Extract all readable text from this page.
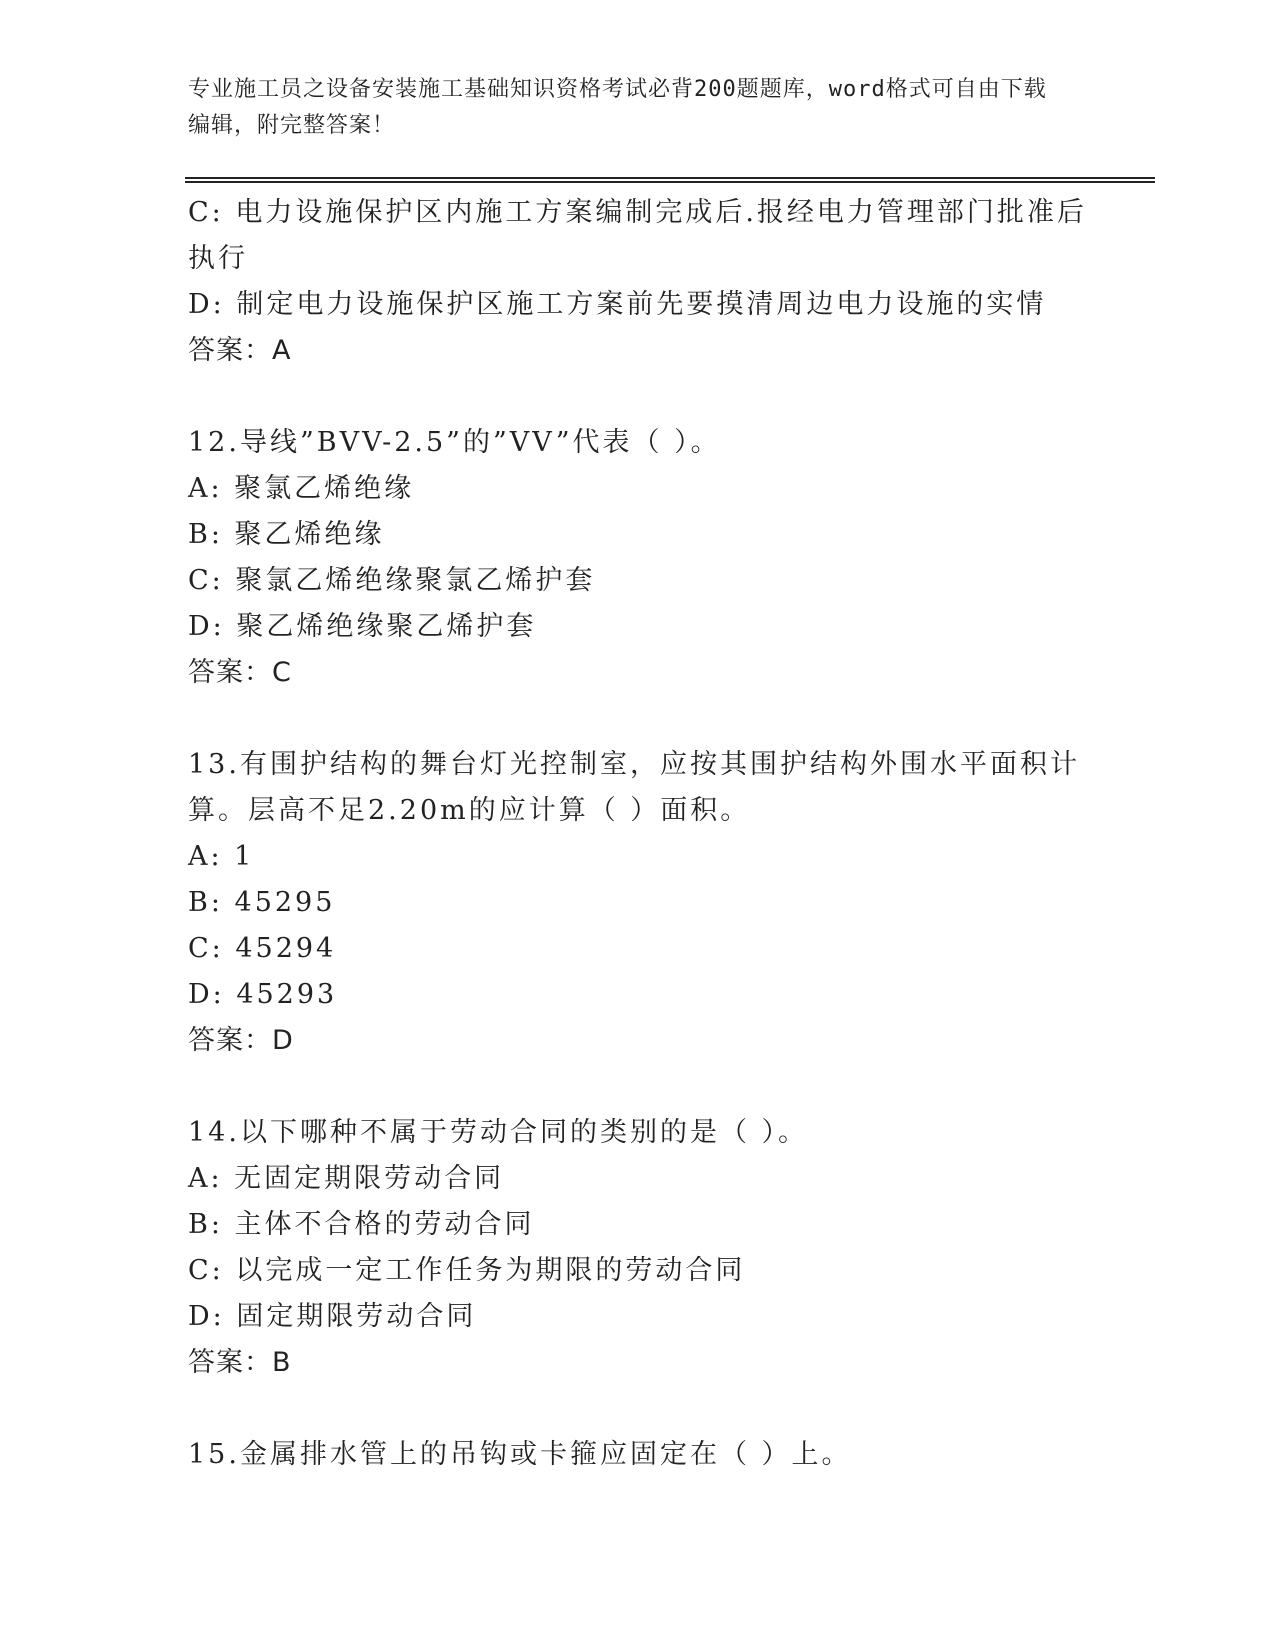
专业施工员之设备安装施工基础知识资格考试必背200题题库，word格式可自由下载编辑，附完整答案！
C: 电力设施保护区内施工方案编制完成后.报经电力管理部门批准后执行
D: 制定电力设施保护区施工方案前先要摸清周边电力设施的实情
答案：A
12.导线”BVV-2.5”的”VV”代表（ ）。
A: 聚氯乙烯绝缘
B: 聚乙烯绝缘
C: 聚氯乙烯绝缘聚氯乙烯护套
D: 聚乙烯绝缘聚乙烯护套
答案：C
13.有围护结构的舞台灯光控制室，应按其围护结构外围水平面积计算。层高不足2.20m的应计算（ ）面积。
A: 1
B: 45295
C: 45294
D: 45293
答案：D
14.以下哪种不属于劳动合同的类别的是（ ）。
A: 无固定期限劳动合同
B: 主体不合格的劳动合同
C: 以完成一定工作任务为期限的劳动合同
D: 固定期限劳动合同
答案：B
15.金属排水管上的吊钩或卡箍应固定在（ ）上。
